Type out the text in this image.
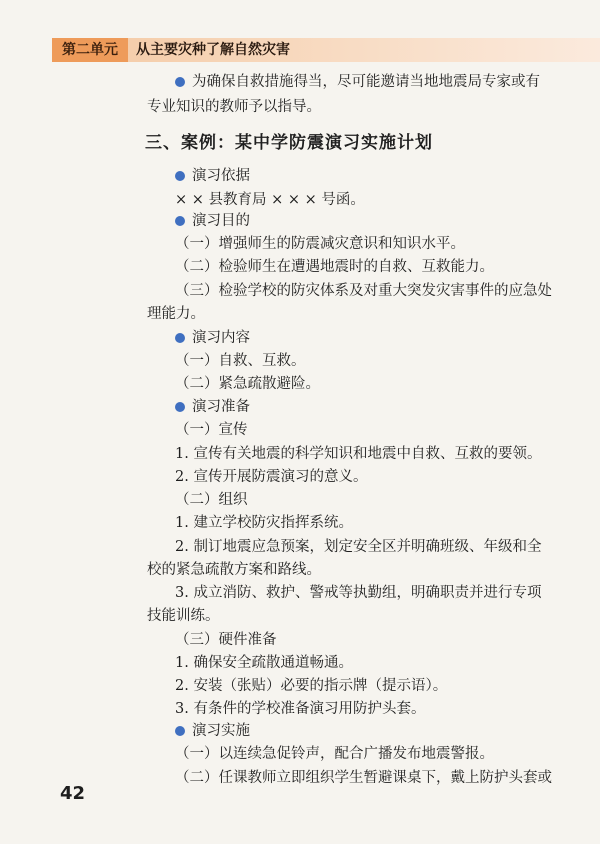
第二单元	从主要灾种了解自然灾害
为确保自救措施得当，尽可能邀请当地地震局专家或有
专业知识的教师予以指导。
三、案例：某中学防震演习实施计划
演习依据
× × 县教育局 × × × 号函。
演习目的
（一）增强师生的防震减灾意识和知识水平。
（二）检验师生在遭遇地震时的自救、互救能力。
（三）检验学校的防灾体系及对重大突发灾害事件的应急处
理能力。
演习内容
（一）自救、互救。
（二）紧急疏散避险。
演习准备
（一）宣传
1. 宣传有关地震的科学知识和地震中自救、互救的要领。
2. 宣传开展防震演习的意义。
（二）组织
1. 建立学校防灾指挥系统。
2. 制订地震应急预案，划定安全区并明确班级、年级和全
校的紧急疏散方案和路线。
3. 成立消防、救护、警戒等执勤组，明确职责并进行专项
技能训练。
（三）硬件准备
1. 确保安全疏散通道畅通。
2. 安装（张贴）必要的指示牌（提示语）。
3. 有条件的学校准备演习用防护头套。
演习实施
（一）以连续急促铃声，配合广播发布地震警报。
（二）任课教师立即组织学生暂避课桌下，戴上防护头套或
42
